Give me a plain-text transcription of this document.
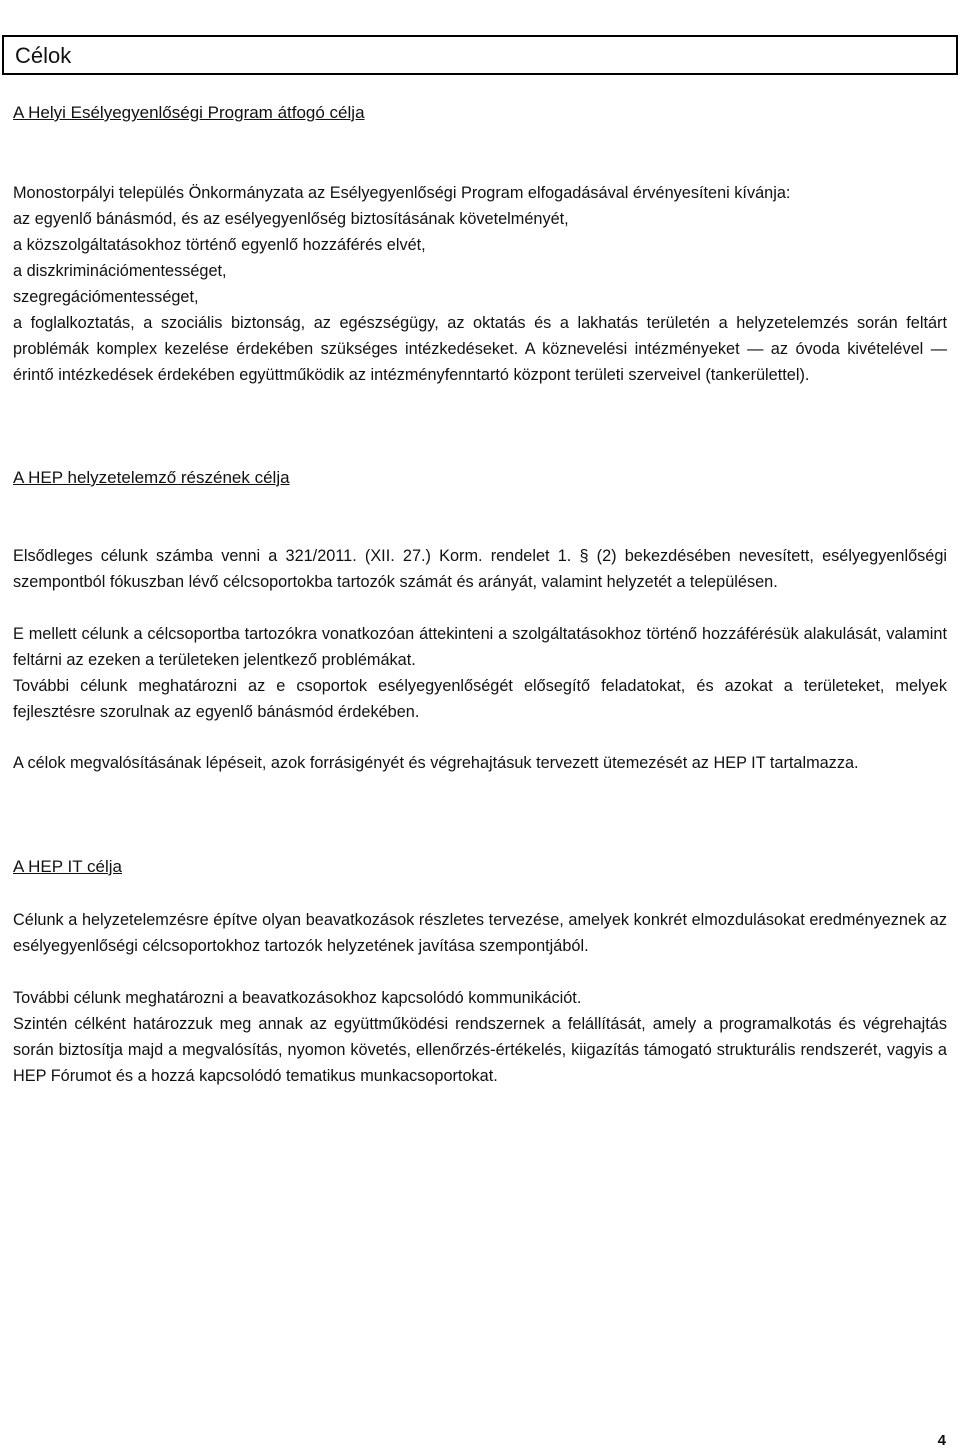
Célok
A Helyi Esélyegyenlőségi Program átfogó célja
Monostorpályi település Önkormányzata az Esélyegyenlőségi Program elfogadásával érvényesíteni kívánja:
az egyenlő bánásmód, és az esélyegyenlőség biztosításának követelményét,
a közszolgáltatásokhoz történő egyenlő hozzáférés elvét,
a diszkriminációmentességet,
szegregációmentességet,
a foglalkoztatás, a szociális biztonság, az egészségügy, az oktatás és a lakhatás területén a helyzetelemzés során feltárt problémák komplex kezelése érdekében szükséges intézkedéseket. A köznevelési intézményeket — az óvoda kivételével — érintő intézkedések érdekében együttműködik az intézményfenntartó központ területi szerveivel (tankerülettel).
A HEP helyzetelemző részének célja
Elsődleges célunk számba venni a 321/2011. (XII. 27.) Korm. rendelet 1. § (2) bekezdésében nevesített, esélyegyenlőségi szempontból fókuszban lévő célcsoportokba tartozók számát és arányát, valamint helyzetét a településen.
E mellett célunk a célcsoportba tartozókra vonatkozóan áttekinteni a szolgáltatásokhoz történő hozzáférésük alakulását, valamint feltárni az ezeken a területeken jelentkező problémákat.
További célunk meghatározni az e csoportok esélyegyenlőségét elősegítő feladatokat, és azokat a területeket, melyek fejlesztésre szorulnak az egyenlő bánásmód érdekében.
A célok megvalósításának lépéseit, azok forrásigényét és végrehajtásuk tervezett ütemezését az HEP IT tartalmazza.
A HEP IT célja
Célunk a helyzetelemzésre építve olyan beavatkozások részletes tervezése, amelyek konkrét elmozdulásokat eredményeznek az esélyegyenlőségi célcsoportokhoz tartozók helyzetének javítása szempontjából.
További célunk meghatározni a beavatkozásokhoz kapcsolódó kommunikációt.
Szintén célként határozzuk meg annak az együttműködési rendszernek a felállítását, amely a programalkotás és végrehajtás során biztosítja majd a megvalósítás, nyomon követés, ellenőrzés-értékelés, kiigazítás támogató strukturális rendszerét, vagyis a HEP Fórumot és a hozzá kapcsolódó tematikus munkacsoportokat.
4
